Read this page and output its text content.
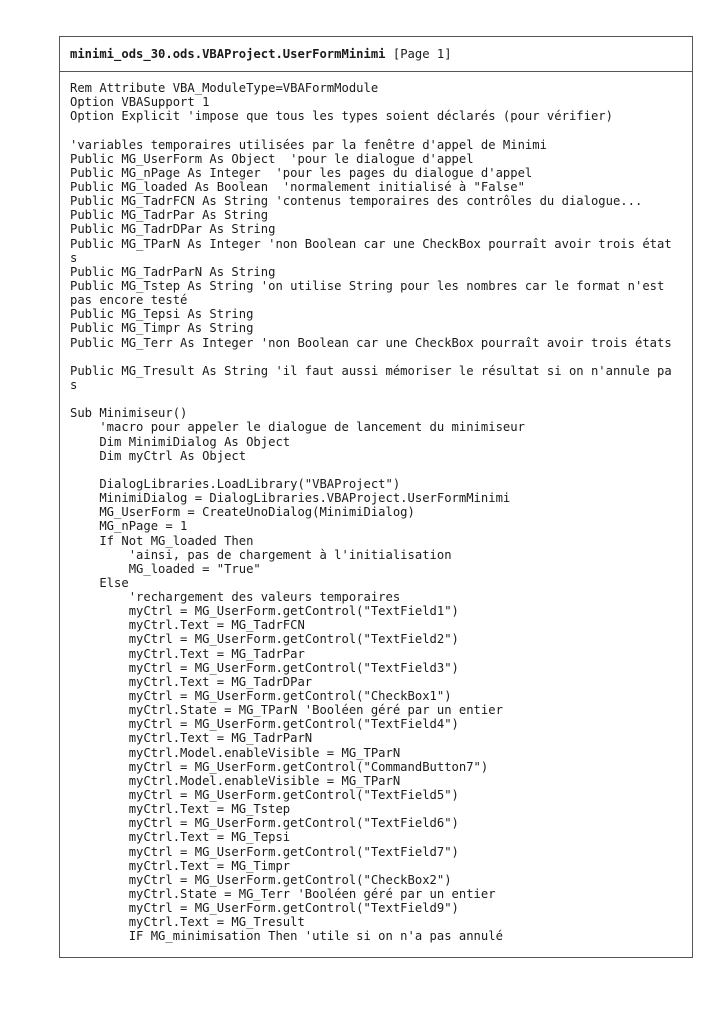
minimi_ods_30.ods.VBAProject.UserFormMinimi [Page 1]
Rem Attribute VBA_ModuleType=VBAFormModule
Option VBASupport 1
Option Explicit 'impose que tous les types soient déclarés (pour vérifier)
'variables temporaires utilisées par la fenêtre d'appel de Minimi
Public MG_UserForm As Object  'pour le dialogue d'appel
Public MG_nPage As Integer  'pour les pages du dialogue d'appel
Public MG_loaded As Boolean  'normalement initialisé à "False"
Public MG_TadrFCN As String 'contenus temporaires des contrôles du dialogue...
Public MG_TadrPar As String
Public MG_TadrDPar As String
Public MG_TParN As Integer 'non Boolean car une CheckBox pourraît avoir trois état
s
Public MG_TadrParN As String
Public MG_Tstep As String 'on utilise String pour les nombres car le format n'est
pas encore testé
Public MG_Tepsi As String
Public MG_Timpr As String
Public MG_Terr As Integer 'non Boolean car une CheckBox pourraît avoir trois états
Public MG_Tresult As String 'il faut aussi mémoriser le résultat si on n'annule pa
s
Sub Minimiseur()
'macro pour appeler le dialogue de lancement du minimiseur
Dim MinimiDialog As Object
Dim myCtrl As Object
DialogLibraries.LoadLibrary("VBAProject")
MinimiDialog = DialogLibraries.VBAProject.UserFormMinimi
MG_UserForm = CreateUnoDialog(MinimiDialog)
MG_nPage = 1
If Not MG_loaded Then
'ainsi, pas de chargement à l'initialisation
MG_loaded = "True"
Else
'rechargement des valeurs temporaires
myCtrl = MG_UserForm.getControl("TextField1")
myCtrl.Text = MG_TadrFCN
myCtrl = MG_UserForm.getControl("TextField2")
myCtrl.Text = MG_TadrPar
myCtrl = MG_UserForm.getControl("TextField3")
myCtrl.Text = MG_TadrDPar
myCtrl = MG_UserForm.getControl("CheckBox1")
myCtrl.State = MG_TParN 'Booléen géré par un entier
myCtrl = MG_UserForm.getControl("TextField4")
myCtrl.Text = MG_TadrParN
myCtrl.Model.enableVisible = MG_TParN
myCtrl = MG_UserForm.getControl("CommandButton7")
myCtrl.Model.enableVisible = MG_TParN
myCtrl = MG_UserForm.getControl("TextField5")
myCtrl.Text = MG_Tstep
myCtrl = MG_UserForm.getControl("TextField6")
myCtrl.Text = MG_Tepsi
myCtrl = MG_UserForm.getControl("TextField7")
myCtrl.Text = MG_Timpr
myCtrl = MG_UserForm.getControl("CheckBox2")
myCtrl.State = MG_Terr 'Booléen géré par un entier
myCtrl = MG_UserForm.getControl("TextField9")
myCtrl.Text = MG_Tresult
IF MG_minimisation Then 'utile si on n'a pas annulé
